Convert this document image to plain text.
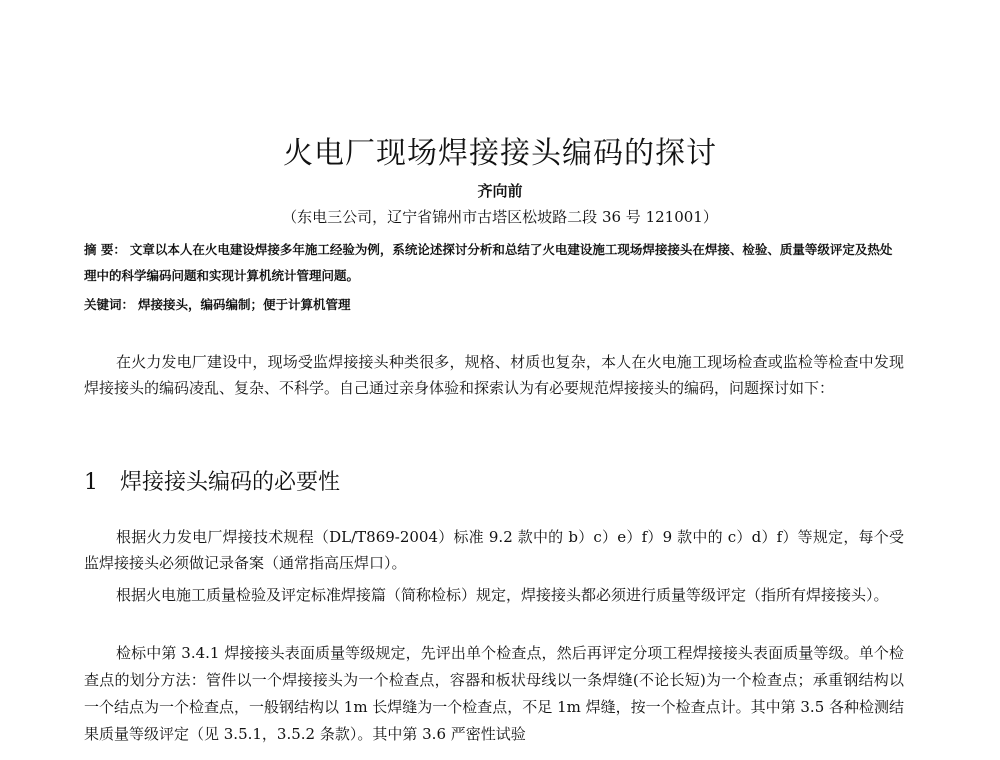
火电厂现场焊接接头编码的探讨
齐向前
（东电三公司，辽宁省锦州市古塔区松坡路二段 36 号 121001）
摘 要： 文章以本人在火电建设焊接多年施工经验为例，系统论述探讨分析和总结了火电建设施工现场焊接接头在焊接、检验、质量等级评定及热处理中的科学编码问题和实现计算机统计管理问题。
关键词： 焊接接头，编码编制；便于计算机管理
在火力发电厂建设中，现场受监焊接接头种类很多，规格、材质也复杂，本人在火电施工现场检查或监检等检查中发现焊接接头的编码凌乱、复杂、不科学。自己通过亲身体验和探索认为有必要规范焊接接头的编码，问题探讨如下：
1 焊接接头编码的必要性
根据火力发电厂焊接技术规程（DL/T869-2004）标准 9.2 款中的 b）c）e）f）9 款中的 c）d）f）等规定，每个受监焊接接头必须做记录备案（通常指高压焊口）。
根据火电施工质量检验及评定标准焊接篇（简称检标）规定，焊接接头都必须进行质量等级评定（指所有焊接接头）。
检标中第 3.4.1 焊接接头表面质量等级规定，先评出单个检查点，然后再评定分项工程焊接接头表面质量等级。单个检查点的划分方法：管件以一个焊接接头为一个检查点，容器和板状母线以一条焊缝(不论长短)为一个检查点；承重钢结构以一个结点为一个检查点，一般钢结构以 1m 长焊缝为一个检查点，不足 1m 焊缝，按一个检查点计。其中第 3.5 各种检测结果质量等级评定（见 3.5.1，3.5.2 条款）。其中第 3.6 严密性试验
